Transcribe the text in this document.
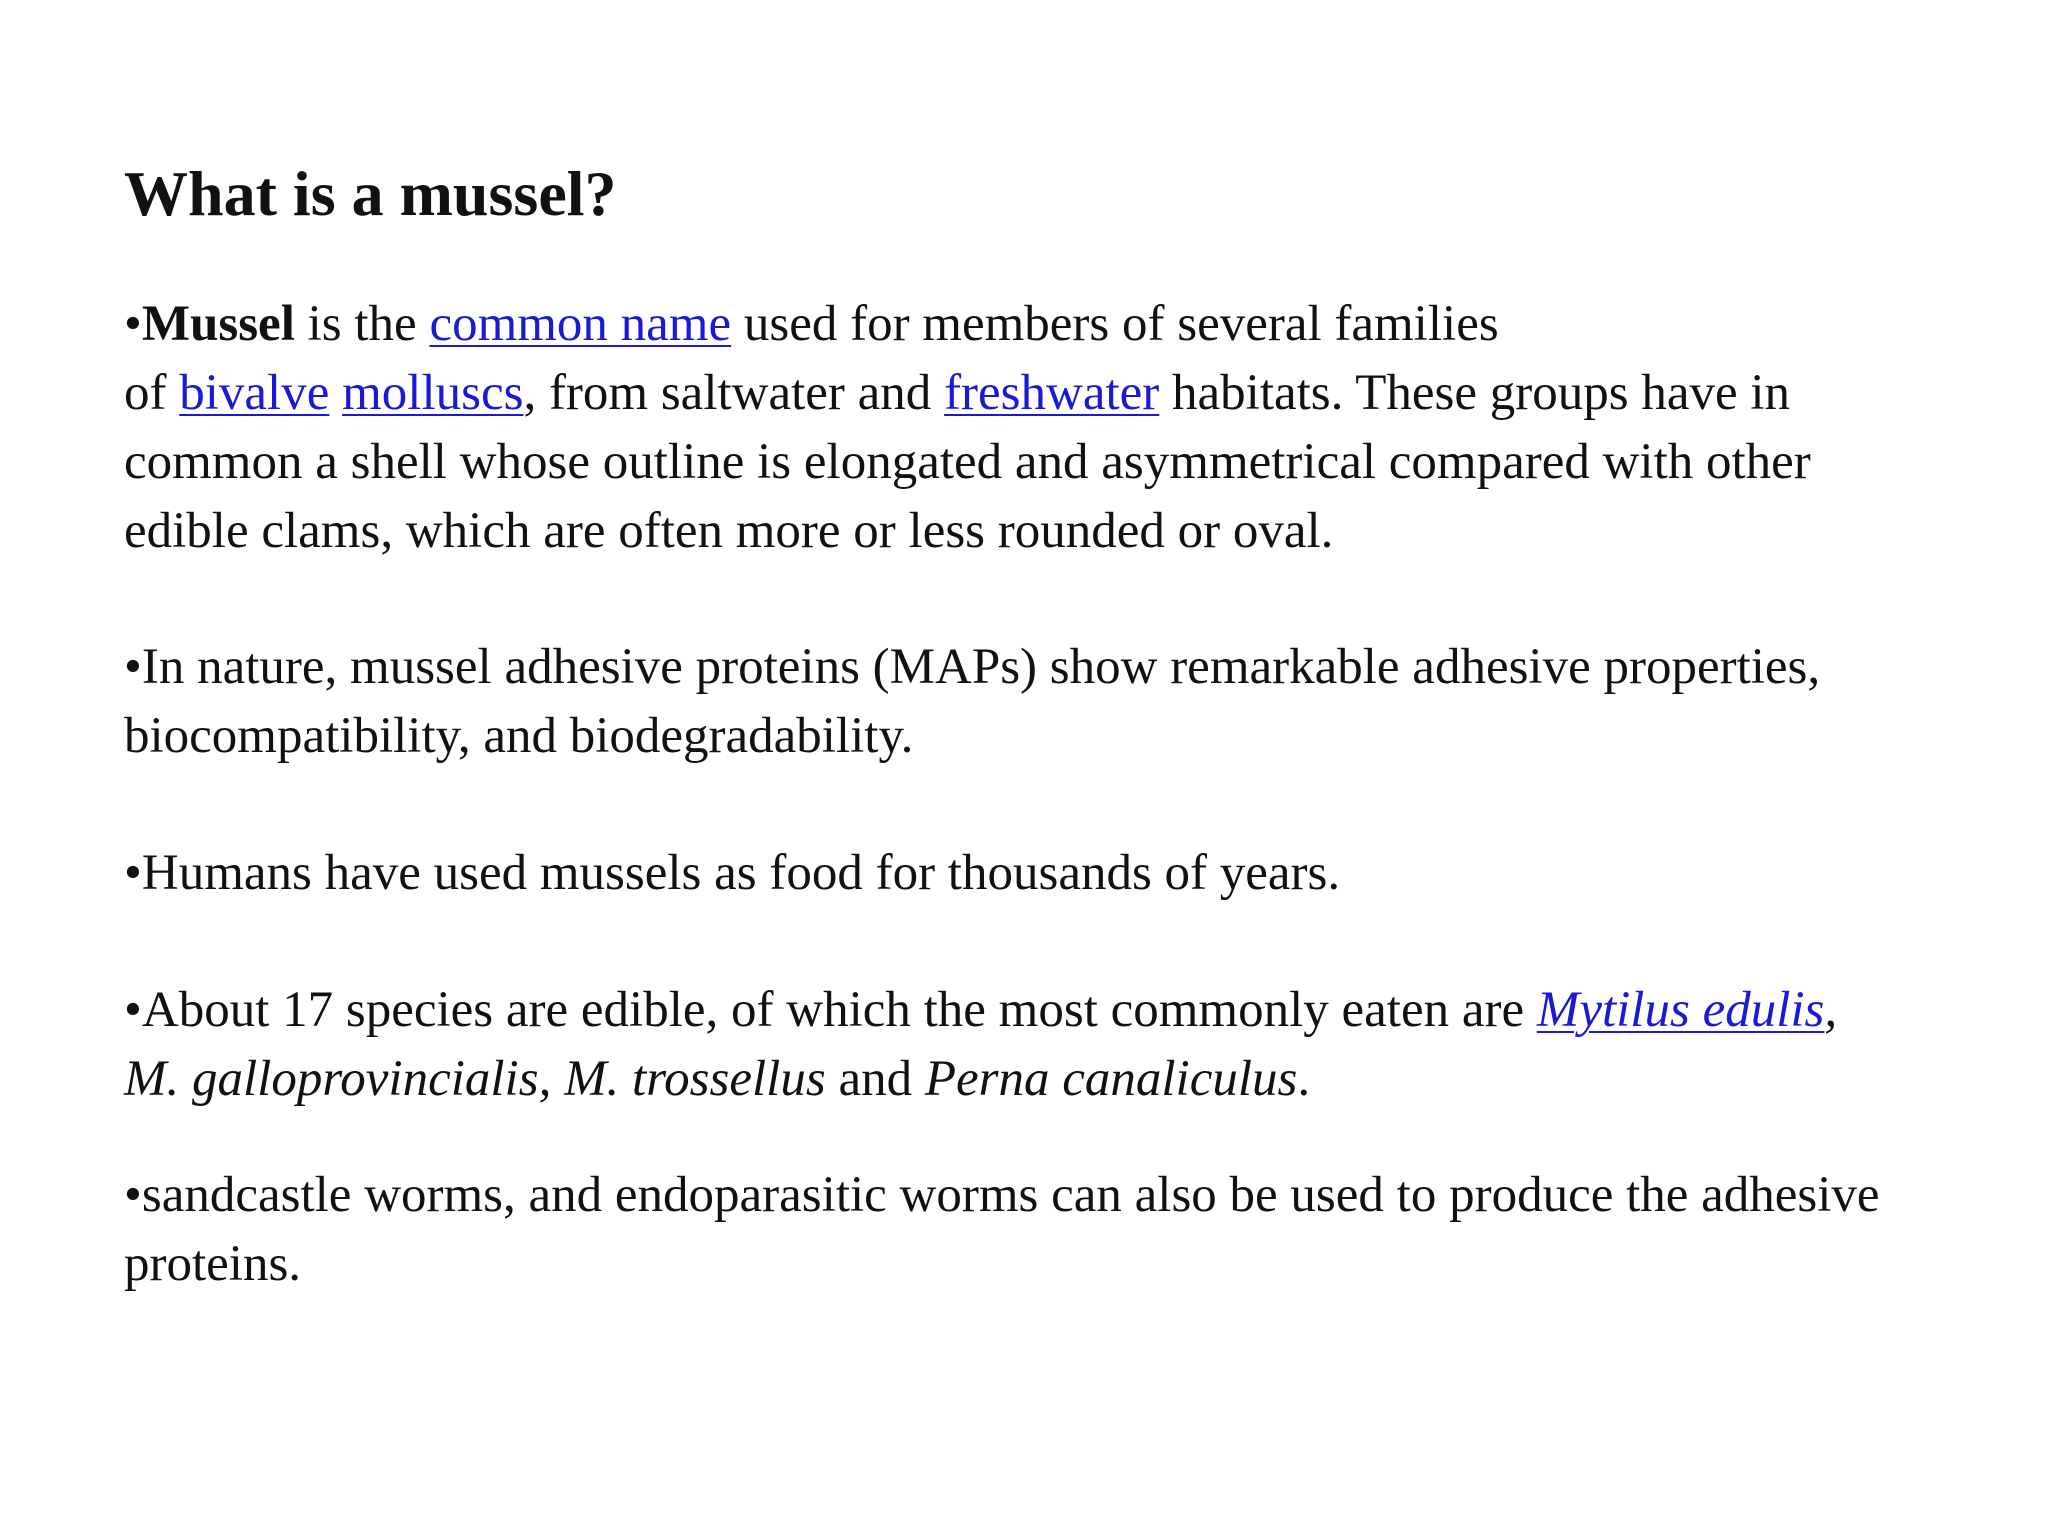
What is a mussel?
•Mussel is the common name used for members of several families
of bivalve molluscs, from saltwater and freshwater habitats. These groups have in common a shell whose outline is elongated and asymmetrical compared with other edible clams, which are often more or less rounded or oval.
•In nature, mussel adhesive proteins (MAPs) show remarkable adhesive properties, biocompatibility, and biodegradability.
•Humans have used mussels as food for thousands of years.
•About 17 species are edible, of which the most commonly eaten are Mytilus edulis, M. galloprovincialis, M. trossellus and Perna canaliculus.
•sandcastle worms, and endoparasitic worms can also be used to produce the adhesive proteins.
